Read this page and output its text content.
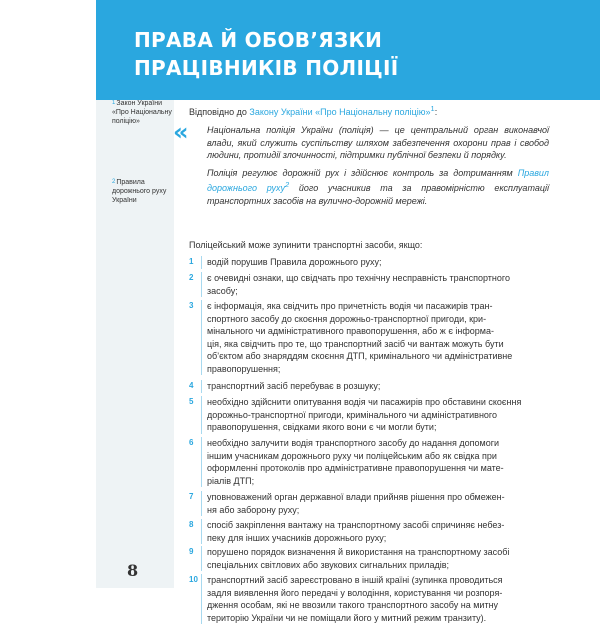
ПРАВА Й ОБОВ’ЯЗКИ
ПРАЦІВНИКІВ ПОЛІЦІЇ
1Закон України «Про Національну поліцію»
2Правила дорожнього руху України
8
Відповідно до Закону України «Про Національну поліцію»$^1$:
« Національна поліція України (поліція) — це центральний орган виконавчої влади, який служить суспільству шляхом забезпечення охорони прав і свобод людини, протидії злочинності, підтримки публічної безпеки й порядку.

Поліція регулює дорожній рух і здійснює контроль за дотриманням Правил дорожнього руху$^2$ його учасникив та за правомірністю експлуатації транспортних засобів на вулично-дорожній мережі.

Поліцейський може зупинити транспортні засоби, якщо:
1 водій порушив Правила дорожнього руху;
2 є очевидні ознаки, що свідчать про технічну несправність транспортного
засобу;
3 є інформація, яка свідчить про причетність водія чи пасажирів тран-
спортного засобу до скоєння дорожньо-транспортної пригоди, кри-
мінального чи адміністративного правопорушення, або ж є інформа-
ція, яка свідчить про те, що транспортний засіб чи вантаж можуть бути
об’єктом або знаряддям скоєння ДТП, кримінального чи адміністративне
правопорушення;
4 транспортний засіб перебуває в розшуку;
5 необхідно здійснити опитування водія чи пасажирів про обставини скоєння
дорожньо-транспортної пригоди, кримінального чи адміністративного
правопорушення, свідками якого вони є чи могли бути;
6 необхідно залучити водія транспортного засобу до надання допомоги
іншим учасникам дорожнього руху чи поліцейським або як свідка при
оформленні протоколів про адміністративне правопорушення чи мате-
ріалів ДТП;
7 уповноважений орган державної влади прийняв рішення про обмежен-
ня або заборону руху;
8 спосіб закріплення вантажу на транспортному засобі спричиняє небез-
пеку для інших учасників дорожнього руху;
9 порушено порядок визначення й використання на транспортному засобі
спеціальних світлових або звукових сигнальних приладів;
10 транспортний засіб зареєстровано в іншій країні (зупинка проводиться
задля виявлення його передачі у володіння, користування чи розпоря-
дження особам, які не ввозили такого транспортного засобу на митну
територію України чи не поміщали його у митний режим транзиту).
